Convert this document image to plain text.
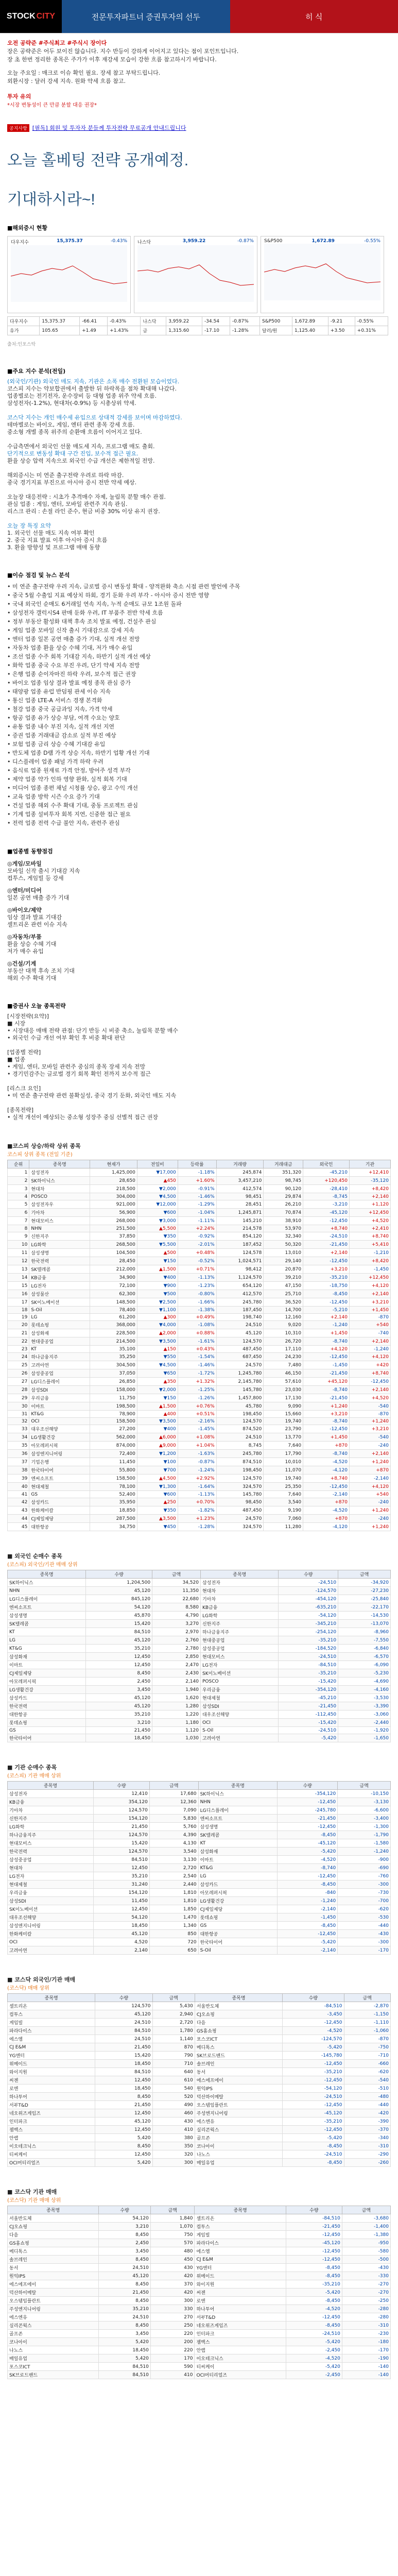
STOCK CITY	전문투자파트너 증권투자의 선두	히 식
오전 공략준 #주식최고 #주식시 장이다
장은 공략준은 어두 보이진 않습니다. 지수 반등이 강하게 이어지고 있다는 점이 포인트입니다.
장 초 한번 정리한 종목은 주가가 이후 재강세 모습이 강한 흐름 참고하시기 바랍니다.
오늘 주요일 : 매크로 이슈 확인 필요. 장세 참고 부탁드립니다.
외환시장 : 달러 강세 지속. 원화 약세 흐름 참고.
투자 유의
*시장 변동성이 큰 만큼 분할 대응 권장*
공지사항 [필독] 회원 및 투자자 분들께 투자전략 무료공개 안내드립니다
오늘 홀베팅 전략 공개예정.
기대하시라~!
■해외증시 현황
다우지수	15,375.37	-0.43% 나스닥	3,959.22	-0.87% S&P500	1,672.89	-0.55%
다우지수	15,375.37	-66.41	-0.43%	나스닥	3,959.22	-34.54	-0.87%	S&P500	1,672.89	-9.21	-0.55%
유가	105.65	+1.49	+1.43%	금	1,315.60	-17.10	-1.28%	달러/원	1,125.40	+3.50	+0.31%
출처:인포스탁
■주요 지수 분석(전일)
(외국인/기관) 외국인 매도 지속, 기관은 소폭 매수 전환된 모습이었다.
코스피 지수는 약보합권에서 출발한 뒤 하락폭을 점차 확대해 나갔다.
업종별로는 전기전자, 운수장비 등 대형 업종 위주 약세 흐름.
삼성전자(-1.2%), 현대차(-0.9%) 등 시총상위 약세.

코스닥 지수는 개인 매수세 유입으로 상대적 강세를 보이며 마감하였다.
테마별로는 바이오, 게임, 엔터 관련 종목 강세 흐름.
중소형 개별 종목 위주의 순환매 흐름이 이어지고 있다.

수급측면에서 외국인 선물 매도세 지속, 프로그램 매도 출회.
단기적으로 변동성 확대 구간 진입, 보수적 접근 필요.
환율 상승 압력 지속으로 외국인 수급 개선은 제한적일 전망.

해외증시는 미 연준 출구전략 우려로 하락 마감.
중국 경기지표 부진으로 아시아 증시 전반 약세 예상.

오늘장 대응전략 : 시초가 추격매수 자제, 눌림목 분할 매수 관점.
관심 업종 : 게임, 엔터, 모바일 관련주 지속 관심.
리스크 관리 : 손절 라인 준수, 현금 비중 30% 이상 유지 권장.

오늘 장 특징 요약
1. 외국인 선물 매도 지속 여부 확인
2. 중국 지표 발표 이후 아시아 증시 흐름
3. 환율 방향성 및 프로그램 매매 동향
■이슈 점검 및 뉴스 분석
• 미 연준 출구전략 우려 지속, 글로벌 증시 변동성 확대 - 양적완화 축소 시점 관련 발언에 주목
• 중국 5월 수출입 지표 예상치 하회, 경기 둔화 우려 부각 - 아시아 증시 전반 영향
• 국내 외국인 순매도 6거래일 연속 지속, 누적 순매도 규모 1조원 돌파
• 삼성전자 갤럭시S4 판매 둔화 우려, IT 부품주 전반 약세 흐름
• 정부 부동산 활성화 대책 후속 조치 발표 예정, 건설주 관심
• 게임 업종 모바일 신작 출시 기대감으로 강세 지속
• 엔터 업종 일본 공연 매출 증가 기대, 실적 개선 전망
• 자동차 업종 환율 상승 수혜 기대, 저가 매수 유입
• 조선 업종 수주 회복 기대감 지속, 하반기 실적 개선 예상
• 화학 업종 중국 수요 부진 우려, 단기 약세 지속 전망
• 은행 업종 순이자마진 하락 우려, 보수적 접근 권장
• 바이오 업종 임상 결과 발표 예정 종목 관심 증가
• 태양광 업종 유럽 반덤핑 관세 이슈 지속
• 통신 업종 LTE-A 서비스 경쟁 본격화
• 철강 업종 중국 공급과잉 지속, 가격 약세
• 항공 업종 유가 상승 부담, 여객 수요는 양호
• 유통 업종 내수 부진 지속, 실적 개선 지연
• 증권 업종 거래대금 감소로 실적 부진 예상
• 보험 업종 금리 상승 수혜 기대감 유입
• 반도체 업종 D램 가격 상승 지속, 하반기 업황 개선 기대
• 디스플레이 업종 패널 가격 하락 우려
• 음식료 업종 원재료 가격 안정, 방어주 성격 부각
• 제약 업종 약가 인하 영향 완화, 실적 회복 기대
• 미디어 업종 종편 채널 시청률 상승, 광고 수익 개선
• 교육 업종 방학 시즌 수요 증가 기대
• 건설 업종 해외 수주 확대 기대, 중동 프로젝트 관심
• 기계 업종 설비투자 회복 지연, 신중한 접근 필요
• 전력 업종 전력 수급 불안 지속, 관련주 관심
■업종별 동향점검
◎게임/모바일
모바일 신작 출시 기대감 지속
컴투스, 게임빌 등 강세
◎엔터/미디어
일본 공연 매출 증가 기대
◎바이오/제약
임상 결과 발표 기대감
셀트리온 관련 이슈 지속
◎자동차/부품
환율 상승 수혜 기대
저가 매수 유입
◎건설/기계
부동산 대책 후속 조치 기대
해외 수주 확대 기대
■증권사 오늘 종목전략
[시장전략(요약)]
■ 시장
• 시장대응 매매 전략 관점: 단기 반등 시 비중 축소, 눌림목 분할 매수
• 외국인 수급 개선 여부 확인 후 비중 확대 판단

[업종별 전략]
■ 업종
• 게임, 엔터, 모바일 관련주 중심의 종목 장세 지속 전망
• 경기민감주는 글로벌 경기 회복 확인 전까지 보수적 접근

[리스크 요인]
• 미 연준 출구전략 관련 불확실성, 중국 경기 둔화, 외국인 매도 지속

[종목전략]
• 실적 개선이 예상되는 중소형 성장주 중심 선별적 접근 권장
■코스피 상승/하락 상위 종목
코스피 상위 종목 (전일 기준)
순위	종목명	현재가	전일비	등락률	거래량	거래대금	외국인	기관
1	삼성전자	1,425,000	▼17,000	-1.18%	245,874	351,320	-45,210	+12,410
2	SK하이닉스	28,650	▲450	+1.60%	3,457,210	98,745	+120,450	-35,120
3	현대차	218,500	▼2,000	-0.91%	412,574	90,120	-28,410	+8,420
4	POSCO	304,000	▼4,500	-1.46%	98,451	29,874	-8,745	+2,140
5	삼성전자우	921,000	▼12,000	-1.29%	28,451	26,210	-3,210	+1,120
6	기아차	56,900	▼600	-1.04%	1,245,871	70,874	-45,120	+12,450
7	현대모비스	268,000	▼3,000	-1.11%	145,210	38,910	-12,450	+4,520
8	NHN	251,500	▲5,500	+2.24%	214,578	53,970	+8,740	+2,410
9	신한지주	37,850	▼350	-0.92%	854,120	32,340	-24,510	+8,740
10	LG화학	268,500	▼5,500	-2.01%	187,452	50,320	-21,450	+5,410
11	삼성생명	104,500	▲500	+0.48%	124,578	13,010	+2,140	-1,210
12	한국전력	28,450	▼150	-0.52%	1,024,571	29,140	-12,450	+8,420
13	SK텔레콤	212,000	▲1,500	+0.71%	98,412	20,870	+3,210	-1,450
14	KB금융	34,900	▼400	-1.13%	1,124,570	39,210	-35,210	+12,450
15	LG전자	72,100	▼900	-1.23%	654,120	47,150	-18,750	+4,120
16	삼성물산	62,300	▼500	-0.80%	412,570	25,710	-8,450	+2,140
17	SK이노베이션	148,500	▼2,500	-1.66%	245,780	36,520	-12,450	+3,210
18	S-Oil	78,400	▼1,100	-1.38%	187,450	14,700	-5,210	+1,450
19	LG	61,200	▲300	+0.49%	198,740	12,160	+2,140	-870
20	롯데쇼핑	368,000	▼4,000	-1.08%	24,510	9,020	-1,240	+540
21	삼성화재	228,500	▲2,000	+0.88%	45,120	10,310	+1,450	-740
22	현대중공업	214,500	▼3,500	-1.61%	124,570	26,720	-8,740	+2,140
23	KT	35,100	▲150	+0.43%	487,450	17,110	+4,120	-1,240
24	하나금융지주	35,250	▼550	-1.54%	687,450	24,230	-12,450	+4,120
25	고려아연	304,500	▼4,500	-1.46%	24,570	7,480	-1,450	+420
26	삼성중공업	37,050	▼650	-1.72%	1,245,780	46,150	-21,450	+8,740
27	LG디스플레이	26,850	▲350	+1.32%	2,145,780	57,610	+45,120	-12,450
28	삼성SDI	158,000	▼2,000	-1.25%	145,780	23,030	-8,740	+2,140
29	우리금융	11,750	▼150	-1.26%	1,457,800	17,130	-21,450	+4,520
30	이마트	198,500	▲1,500	+0.76%	45,780	9,090	+1,240	-540
31	KT&G	78,900	▲400	+0.51%	198,450	15,660	+3,210	-870
32	OCI	158,500	▼3,500	-2.16%	124,570	19,740	-8,740	+1,240
33	대우조선해양	27,200	▼400	-1.45%	874,520	23,790	-12,450	+3,210
34	LG생활건강	562,000	▲6,000	+1.08%	24,510	13,770	+1,450	-540
35	아모레퍼시픽	874,000	▲9,000	+1.04%	8,745	7,640	+870	-240
36	삼성엔지니어링	72,400	▼1,200	-1.63%	245,780	17,790	-8,740	+2,140
37	기업은행	11,450	▼100	-0.87%	874,510	10,010	-4,520	+1,240
38	한국타이어	55,800	▼700	-1.24%	198,450	11,070	-4,120	+870
39	엔씨소프트	158,500	▲4,500	+2.92%	124,570	19,740	+8,740	-2,140
40	현대제철	78,100	▼1,300	-1.64%	324,570	25,350	-12,450	+4,120
41	GS	52,400	▼600	-1.13%	145,780	7,640	-2,140	+540
42	삼성카드	35,950	▲250	+0.70%	98,450	3,540	+870	-240
43	한화케미칼	18,850	▼350	-1.82%	487,450	9,190	-4,520	+1,240
44	CJ제일제당	287,500	▲3,500	+1.23%	24,570	7,060	+870	-240
45	대한항공	34,750	▼450	-1.28%	324,570	11,280	-4,120	+1,240
■ 외국인 순매수 종목
(코스피) 외국인/기관 매매 상위
종목명	수량	금액	종목명	수량	금액
SK하이닉스	1,204,500	34,520	삼성전자	-24,510	-34,920
NHN	45,120	11,350	현대차	-124,570	-27,230
LG디스플레이	845,120	22,680	기아차	-454,120	-25,840
엔씨소프트	54,120	8,580	KB금융	-635,210	-22,170
삼성생명	45,870	4,790	LG화학	-54,120	-14,530
SK텔레콤	15,420	3,270	신한지주	-345,210	-13,070
KT	84,510	2,970	하나금융지주	-254,120	-8,960
LG	45,120	2,760	현대중공업	-35,210	-7,550
KT&G	35,210	2,780	삼성중공업	-184,520	-6,840
삼성화재	12,450	2,850	현대모비스	-24,510	-6,570
이마트	12,450	2,470	LG전자	-84,510	-6,090
CJ제일제당	8,450	2,430	SK이노베이션	-35,210	-5,230
아모레퍼시픽	2,450	2,140	POSCO	-15,420	-4,690
LG생활건강	3,450	1,940	우리금융	-354,120	-4,160
삼성카드	45,120	1,620	현대제철	-45,210	-3,530
한국전력	45,120	1,280	삼성SDI	-21,450	-3,390
대한항공	35,210	1,220	대우조선해양	-112,450	-3,060
롯데쇼핑	3,210	1,180	OCI	-15,420	-2,440
GS	21,450	1,120	S-Oil	-24,510	-1,920
한국타이어	18,450	1,030	고려아연	-5,420	-1,650
■ 기관 순매수 종목
(코스피) 기관 매매 상위
종목명	수량	금액	종목명	수량	금액
삼성전자	12,410	17,680	SK하이닉스	-354,120	-10,150
KB금융	354,120	12,360	NHN	-12,450	-3,130
기아차	124,570	7,090	LG디스플레이	-245,780	-6,600
신한지주	154,120	5,830	엔씨소프트	-21,450	-3,400
LG화학	21,450	5,760	삼성생명	-12,450	-1,300
하나금융지주	124,570	4,390	SK텔레콤	-8,450	-1,790
현대모비스	15,420	4,130	KT	-45,120	-1,580
한국전력	124,570	3,540	삼성화재	-5,420	-1,240
삼성중공업	84,510	3,130	이마트	-4,520	-900
현대차	12,450	2,720	KT&G	-8,740	-690
LG전자	35,210	2,540	LG	-12,450	-760
현대제철	31,240	2,440	삼성카드	-8,450	-300
우리금융	154,120	1,810	아모레퍼시픽	-840	-730
삼성SDI	11,450	1,810	LG생활건강	-1,240	-700
SK이노베이션	12,450	1,850	CJ제일제당	-2,140	-620
대우조선해양	54,120	1,470	롯데쇼핑	-1,450	-530
삼성엔지니어링	18,450	1,340	GS	-8,450	-440
한화케미칼	45,120	850	대한항공	-12,450	-430
OCI	4,520	720	한국타이어	-5,420	-300
고려아연	2,140	650	S-Oil	-2,140	-170
■ 코스닥 외국인/기관 매매
(코스닥) 매매 상위
종목명	수량	금액	종목명	수량	금액
셀트리온	124,570	5,430	서울반도체	-84,510	-2,870
컴투스	45,120	2,940	CJ오쇼핑	-3,450	-1,150
게임빌	24,510	2,720	다음	-12,450	-1,110
파라다이스	84,510	1,780	GS홈쇼핑	-4,520	-1,060
에스엠	24,510	1,140	포스코ICT	-124,570	-870
CJ E&M	21,450	870	메디톡스	-5,420	-750
YG엔터	15,420	790	SK브로드밴드	-145,780	-710
위메이드	18,450	710	솔브레인	-12,450	-660
와이지원	84,510	640	동서	-35,210	-620
씨젠	12,450	610	에스에프에이	-12,450	-540
로엔	18,450	540	원익IPS	-54,120	-510
하나투어	8,450	520	덕산하이메탈	-24,510	-480
서부T&D	21,450	490	오스템임플란트	-12,450	-440
네오위즈게임즈	12,450	460	주성엔지니어링	-45,120	-420
인터파크	45,120	430	에스엔유	-35,210	-390
젬백스	12,450	410	실리콘웍스	-12,450	-370
안랩	5,420	380	골프존	-5,420	-340
이오테크닉스	8,450	350	코나아이	-8,450	-310
티씨케이	12,450	320	나노스	-24,510	-290
OCI머티리얼즈	5,420	300	매일유업	-8,450	-260
■ 코스닥 기관 매매
(코스닥) 기관 매매 상위
종목명	수량	금액	종목명	수량	금액
서울반도체	54,120	1,840	셀트리온	-84,510	-3,680
CJ오쇼핑	3,210	1,070	컴투스	-21,450	-1,400
다음	8,450	750	게임빌	-12,450	-1,380
GS홈쇼핑	2,450	570	파라다이스	-45,120	-950
메디톡스	3,450	480	에스엠	-12,450	-580
솔브레인	8,450	450	CJ E&M	-12,450	-500
동서	24,510	430	YG엔터	-8,450	-430
원익IPS	45,120	420	위메이드	-8,450	-330
에스에프에이	8,450	370	와이지원	-35,210	-270
덕산하이메탈	21,450	420	씨젠	-5,420	-270
오스템임플란트	8,450	300	로엔	-8,450	-250
주성엔지니어링	35,210	330	하나투어	-4,520	-280
에스엔유	24,510	270	서부T&D	-12,450	-280
실리콘웍스	8,450	250	네오위즈게임즈	-8,450	-310
골프존	3,450	220	인터파크	-24,510	-230
코나아이	5,420	200	젬백스	-5,420	-180
나노스	18,450	220	안랩	-2,450	-170
매일유업	5,420	170	이오테크닉스	-4,520	-190
포스코ICT	84,510	590	티씨케이	-5,420	-140
SK브로드밴드	84,510	410	OCI머티리얼즈	-2,450	-140
